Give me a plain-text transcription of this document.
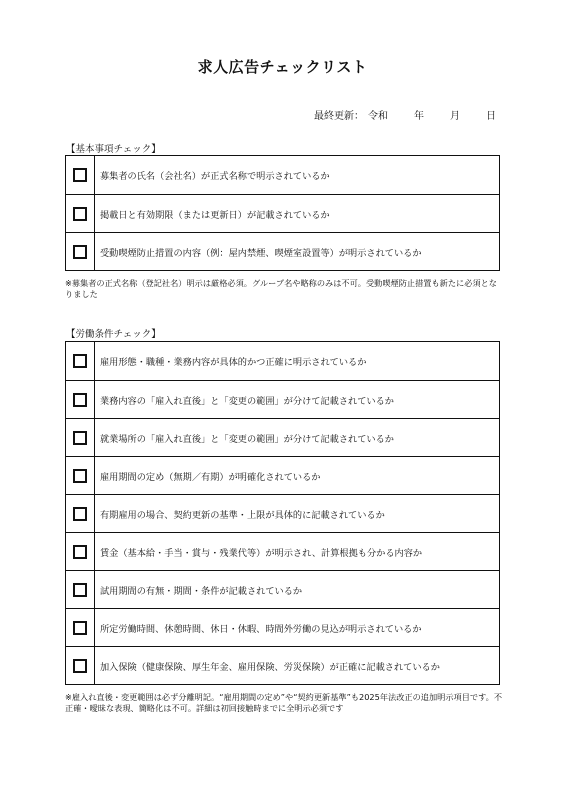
求人広告チェックリスト
最終更新： 令和	年	月	日
【基本事項チェック】
募集者の氏名（会社名）が正式名称で明示されているか
掲載日と有効期限（または更新日）が記載されているか
受動喫煙防止措置の内容（例：屋内禁煙、喫煙室設置等）が明示されているか
※募集者の正式名称（登記社名）明示は厳格必須。グループ名や略称のみは不可。受動喫煙防止措置も新たに必須となりました
【労働条件チェック】
雇用形態・職種・業務内容が具体的かつ正確に明示されているか
業務内容の「雇入れ直後」と「変更の範囲」が分けて記載されているか
就業場所の「雇入れ直後」と「変更の範囲」が分けて記載されているか
雇用期間の定め（無期／有期）が明確化されているか
有期雇用の場合、契約更新の基準・上限が具体的に記載されているか
賃金（基本給・手当・賞与・残業代等）が明示され、計算根拠も分かる内容か
試用期間の有無・期間・条件が記載されているか
所定労働時間、休憩時間、休日・休暇、時間外労働の見込が明示されているか
加入保険（健康保険、厚生年金、雇用保険、労災保険）が正確に記載されているか
※雇入れ直後・変更範囲は必ず分離明記。“雇用期間の定め”や“契約更新基準”も2025年法改正の追加明示項目です。不正確・曖昧な表現、簡略化は不可。詳細は初回接触時までに全明示必須です
